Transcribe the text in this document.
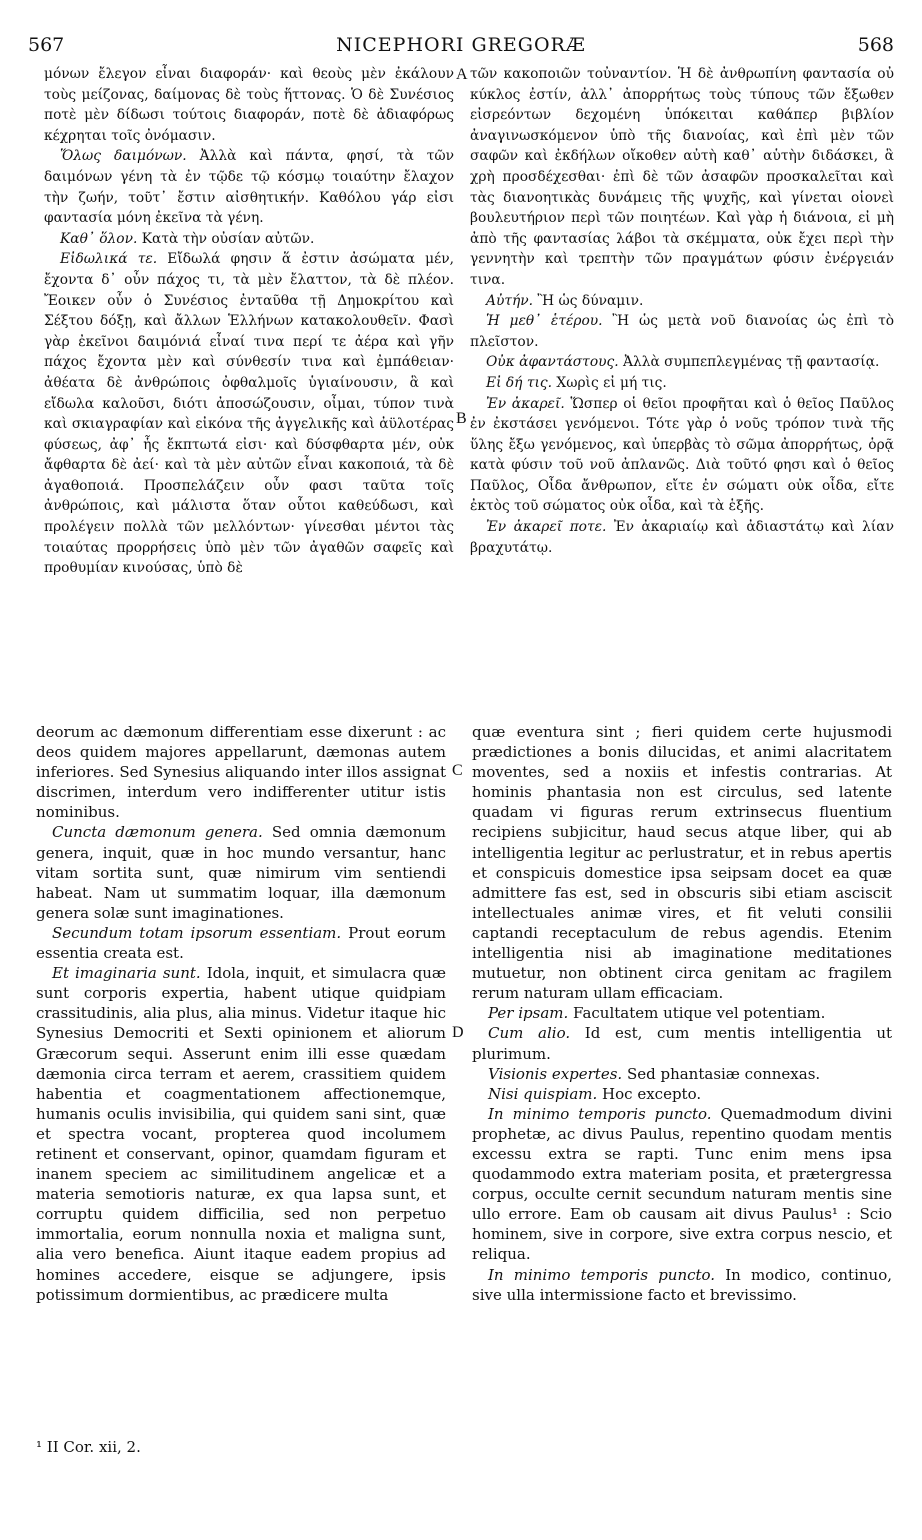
567	NICEPHORI GREGORÆ	568

μόνων ἔλεγον εἶναι διαφοράν· καὶ θεοὺς μὲν ἐκάλουν τοὺς μείζονας, δαίμονας δὲ τοὺς ἥττονας. Ὁ δὲ Συνέσιος ποτὲ μὲν δίδωσι τούτοις διαφοράν, ποτὲ δὲ ἀδιαφόρως κέχρηται τοῖς ὀνόμασιν.

Ὅλως δαιμόνων. Ἀλλὰ καὶ πάντα, φησί, τὰ τῶν δαιμόνων γένη τὰ ἐν τῷδε τῷ κόσμῳ τοιαύτην ἔλαχον τὴν ζωήν, τοῦτ᾽ ἔστιν αἰσθητικήν. Καθόλου γάρ εἰσι φαντασία μόνη ἐκεῖνα τὰ γένη.

Καθ᾽ ὅλον. Κατὰ τὴν οὐσίαν αὐτῶν.

Εἰδωλικά τε. Εἴδωλά φησιν ἅ ἐστιν ἀσώματα μέν, ἔχοντα δ᾽ οὖν πάχος τι, τὰ μὲν ἔλαττον, τὰ δὲ πλέον. Ἔοικεν οὖν ὁ Συνέσιος ἐνταῦθα τῇ Δημοκρίτου καὶ Σέξτου δόξῃ, καὶ ἄλλων Ἑλλήνων κατακολουθεῖν. Φασὶ γὰρ ἐκεῖνοι δαιμόνιά εἶναί τινα περί τε ἀέρα καὶ γῆν πάχος ἔχοντα μὲν καὶ σύνθεσίν τινα καὶ ἐμπάθειαν· ἀθέατα δὲ ἀνθρώποις ὀφθαλμοῖς ὑγιαίνουσιν, ἃ καὶ εἴδωλα καλοῦσι, διότι ἀποσώζουσιν, οἶμαι, τύπον τινὰ καὶ σκιαγραφίαν καὶ εἰκόνα τῆς ἀγγελικῆς καὶ ἀϋλοτέρας φύσεως, ἀφ᾽ ἧς ἔκπτωτά εἰσι· καὶ δύσφθαρτα μέν, οὐκ ἄφθαρτα δὲ ἀεί· καὶ τὰ μὲν αὐτῶν εἶναι κακοποιά, τὰ δὲ ἀγαθοποιά. Προσπελάζειν οὖν φασι ταῦτα τοῖς ἀνθρώποις, καὶ μάλιστα ὅταν οὗτοι καθεύδωσι, καὶ προλέγειν πολλὰ τῶν μελλόντων· γίνεσθαι μέντοι τὰς τοιαύτας προρρήσεις ὑπὸ μὲν τῶν ἀγαθῶν σαφεῖς καὶ προθυμίαν κινούσας, ὑπὸ δὲ

τῶν κακοποιῶν τοὐναντίον. Ἡ δὲ ἀνθρωπίνη φαντασία οὐ κύκλος ἐστίν, ἀλλ᾽ ἀπορρήτως τοὺς τύπους τῶν ἔξωθεν εἰσρεόντων δεχομένη ὑπόκειται καθάπερ βιβλίον ἀναγινωσκόμενον ὑπὸ τῆς διανοίας, καὶ ἐπὶ μὲν τῶν σαφῶν καὶ ἐκδήλων οἴκοθεν αὐτὴ καθ᾽ αὑτὴν διδάσκει, ἃ χρὴ προσδέχεσθαι· ἐπὶ δὲ τῶν ἀσαφῶν προσκαλεῖται καὶ τὰς διανοητικὰς δυνάμεις τῆς ψυχῆς, καὶ γίνεται οἱονεὶ βουλευτήριον περὶ τῶν ποιητέων. Καὶ γὰρ ἡ διάνοια, εἰ μὴ ἀπὸ τῆς φαντασίας λάβοι τὰ σκέμματα, οὐκ ἔχει περὶ τὴν γεννητὴν καὶ τρεπτὴν τῶν πραγμάτων φύσιν ἐνέργειάν τινα.

Αὐτήν. Ἢ ὡς δύναμιν.

Ἡ μεθ᾽ ἑτέρου. Ἢ ὡς μετὰ νοῦ διανοίας ὡς ἐπὶ τὸ πλεῖστον.

Οὐκ ἀφαντάστους. Ἀλλὰ συμπεπλεγμένας τῇ φαντασίᾳ.

Εἰ δή τις. Χωρὶς εἰ μή τις.

Ἐν ἀκαρεῖ. Ὥσπερ οἱ θεῖοι προφῆται καὶ ὁ θεῖος Παῦλος ἐν ἐκστάσει γενόμενοι. Τότε γὰρ ὁ νοῦς τρόπον τινὰ τῆς ὕλης ἔξω γενόμενος, καὶ ὑπερβὰς τὸ σῶμα ἀπορρήτως, ὁρᾷ κατὰ φύσιν τοῦ νοῦ ἀπλανῶς. Διὰ τοῦτό φησι καὶ ὁ θεῖος Παῦλος, Οἶδα ἄνθρωπον, εἴτε ἐν σώματι οὐκ οἶδα, εἴτε ἐκτὸς τοῦ σώματος οὐκ οἶδα, καὶ τὰ ἑξῆς.

Ἐν ἀκαρεῖ ποτε. Ἐν ἀκαριαίῳ καὶ ἀδιαστάτῳ καὶ λίαν βραχυτάτῳ.

A
B
C
D

deorum ac dæmonum differentiam esse dixerunt : ac deos quidem majores appellarunt, dæmonas autem inferiores. Sed Synesius aliquando inter illos assignat discrimen, interdum vero indifferenter utitur istis nominibus.

Cuncta dæmonum genera. Sed omnia dæmonum genera, inquit, quæ in hoc mundo versantur, hanc vitam sortita sunt, quæ nimirum vim sentiendi habeat. Nam ut summatim loquar, illa dæmonum genera solæ sunt imaginationes.

Secundum totam ipsorum essentiam. Prout eorum essentia creata est.

Et imaginaria sunt. Idola, inquit, et simulacra quæ sunt corporis expertia, habent utique quidpiam crassitudinis, alia plus, alia minus. Videtur itaque hic Synesius Democriti et Sexti opinionem et aliorum Græcorum sequi. Asserunt enim illi esse quædam dæmonia circa terram et aerem, crassitiem quidem habentia et coagmentationem affectionemque, humanis oculis invisibilia, qui quidem sani sint, quæ et spectra vocant, propterea quod incolumem retinent et conservant, opinor, quamdam figuram et inanem speciem ac similitudinem angelicæ et a materia semotioris naturæ, ex qua lapsa sunt, et corruptu quidem difficilia, sed non perpetuo immortalia, eorum nonnulla noxia et maligna sunt, alia vero benefica. Aiunt itaque eadem propius ad homines accedere, eisque se adjungere, ipsis potissimum dormientibus, ac prædicere multa

quæ eventura sint ; fieri quidem certe hujusmodi prædictiones a bonis dilucidas, et animi alacritatem moventes, sed a noxiis et infestis contrarias. At hominis phantasia non est circulus, sed latente quadam vi figuras rerum extrinsecus fluentium recipiens subjicitur, haud secus atque liber, qui ab intelligentia legitur ac perlustratur, et in rebus apertis et conspicuis domestice ipsa seipsam docet ea quæ admittere fas est, sed in obscuris sibi etiam asciscit intellectuales animæ vires, et fit veluti consilii captandi receptaculum de rebus agendis. Etenim intelligentia nisi ab imaginatione meditationes mutuetur, non obtinent circa genitam ac fragilem rerum naturam ullam efficaciam.

Per ipsam. Facultatem utique vel potentiam.

Cum alio. Id est, cum mentis intelligentia ut plurimum.

Visionis expertes. Sed phantasiæ connexas.

Nisi quispiam. Hoc excepto.

In minimo temporis puncto. Quemadmodum divini prophetæ, ac divus Paulus, repentino quodam mentis excessu extra se rapti. Tunc enim mens ipsa quodammodo extra materiam posita, et prætergressa corpus, occulte cernit secundum naturam mentis sine ullo errore. Eam ob causam ait divus Paulus¹ : Scio hominem, sive in corpore, sive extra corpus nescio, et reliqua.

In minimo temporis puncto. In modico, continuo, sive ulla intermissione facto et brevissimo.

¹ II Cor. xii, 2.
